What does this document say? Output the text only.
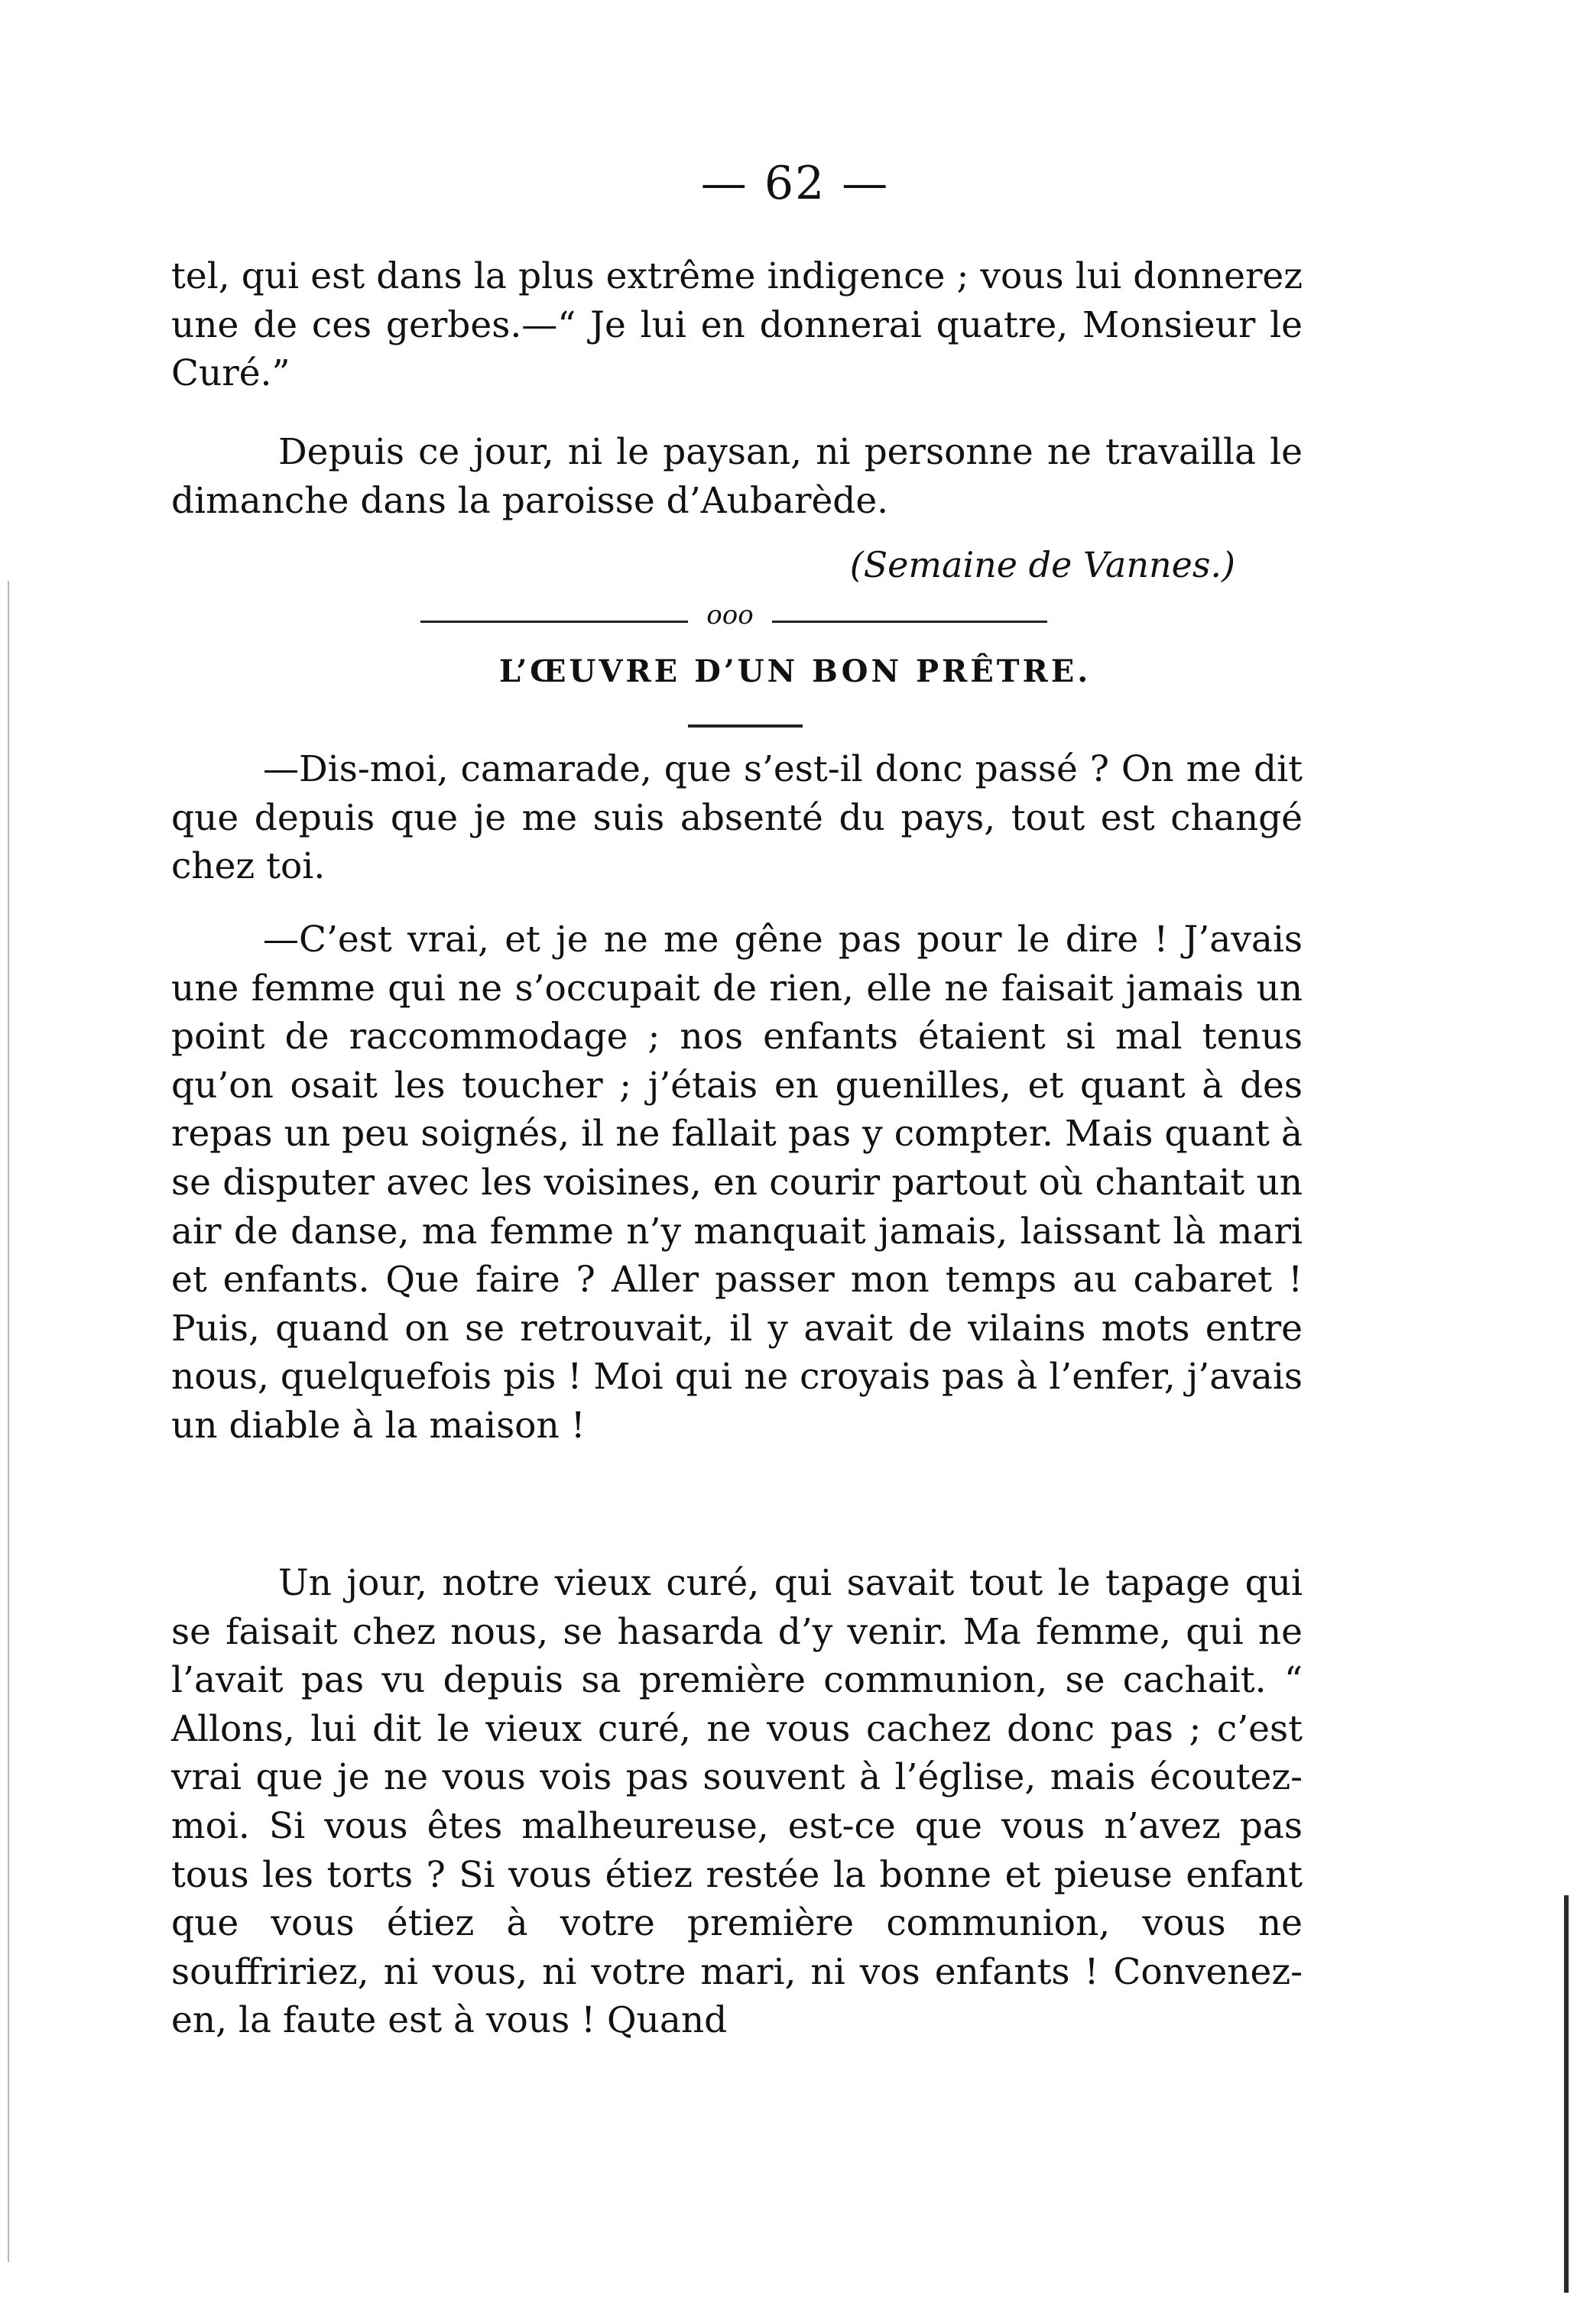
— 62 —

tel, qui est dans la plus extrême indigence ; vous lui donnerez une de ces gerbes.—“ Je lui en donnerai quatre, Monsieur le Curé.”

Depuis ce jour, ni le paysan, ni personne ne travailla le dimanche dans la paroisse d’Aubarède.

(Semaine de Vannes.)

ooo
L’ŒUVRE D’UN BON PRÊTRE.

—Dis-moi, camarade, que s’est-il donc passé ? On me dit que depuis que je me suis absenté du pays, tout est changé chez toi.

—C’est vrai, et je ne me gêne pas pour le dire ! J’avais une femme qui ne s’occupait de rien, elle ne faisait jamais un point de raccommodage ; nos enfants étaient si mal tenus qu’on osait les toucher ; j’étais en guenilles, et quant à des repas un peu soignés, il ne fallait pas y compter. Mais quant à se disputer avec les voisines, en courir partout où chantait un air de danse, ma femme n’y manquait jamais, laissant là mari et enfants. Que faire ? Aller passer mon temps au cabaret ! Puis, quand on se retrouvait, il y avait de vilains mots entre nous, quelquefois pis ! Moi qui ne croyais pas à l’enfer, j’avais un diable à la maison !

Un jour, notre vieux curé, qui savait tout le tapage qui se faisait chez nous, se hasarda d’y venir. Ma femme, qui ne l’avait pas vu depuis sa première communion, se cachait. “ Allons, lui dit le vieux curé, ne vous cachez donc pas ; c’est vrai que je ne vous vois pas souvent à l’église, mais écoutez-moi. Si vous êtes malheureuse, est-ce que vous n’avez pas tous les torts ? Si vous étiez restée la bonne et pieuse enfant que vous étiez à votre première communion, vous ne souffririez, ni vous, ni votre mari, ni vos enfants ! Convenez-en, la faute est à vous ! Quand
